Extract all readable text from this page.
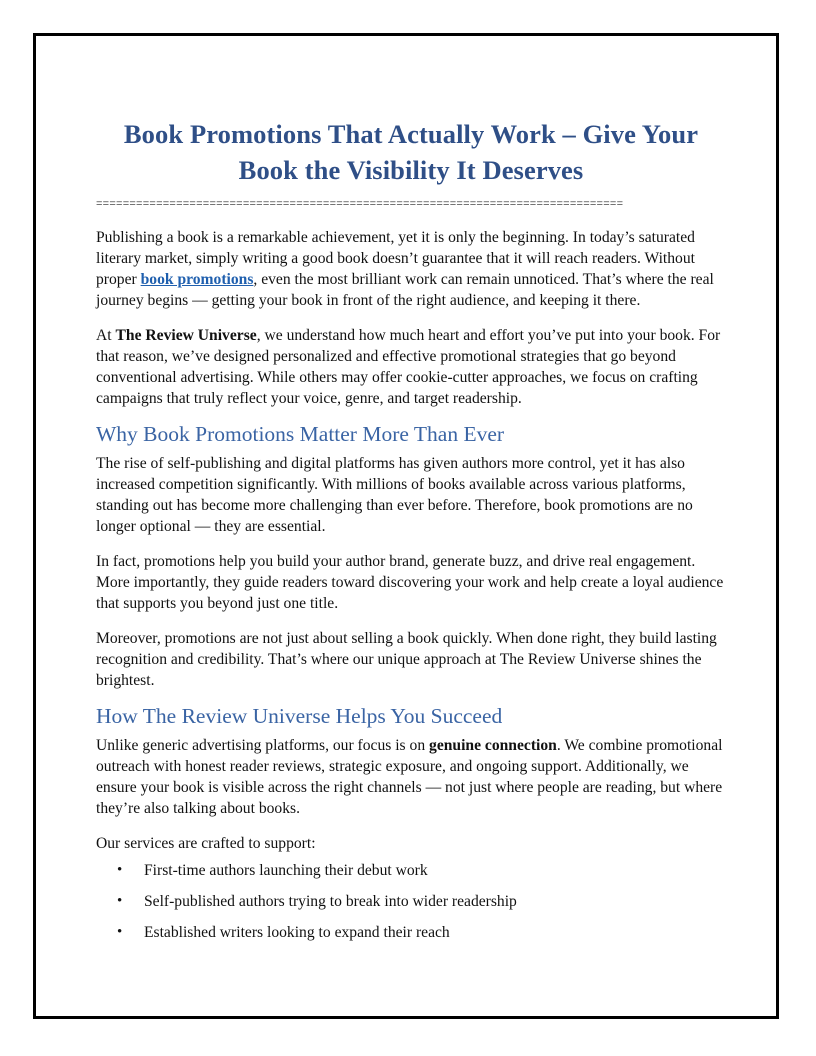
Book Promotions That Actually Work – Give Your Book the Visibility It Deserves
===============================================================================

Publishing a book is a remarkable achievement, yet it is only the beginning. In today’s saturated literary market, simply writing a good book doesn’t guarantee that it will reach readers. Without proper book promotions, even the most brilliant work can remain unnoticed. That’s where the real journey begins — getting your book in front of the right audience, and keeping it there.

At The Review Universe, we understand how much heart and effort you’ve put into your book. For that reason, we’ve designed personalized and effective promotional strategies that go beyond conventional advertising. While others may offer cookie-cutter approaches, we focus on crafting campaigns that truly reflect your voice, genre, and target readership.

Why Book Promotions Matter More Than Ever

The rise of self-publishing and digital platforms has given authors more control, yet it has also increased competition significantly. With millions of books available across various platforms, standing out has become more challenging than ever before. Therefore, book promotions are no longer optional — they are essential.

In fact, promotions help you build your author brand, generate buzz, and drive real engagement. More importantly, they guide readers toward discovering your work and help create a loyal audience that supports you beyond just one title.

Moreover, promotions are not just about selling a book quickly. When done right, they build lasting recognition and credibility. That’s where our unique approach at The Review Universe shines the brightest.

How The Review Universe Helps You Succeed

Unlike generic advertising platforms, our focus is on genuine connection. We combine promotional outreach with honest reader reviews, strategic exposure, and ongoing support. Additionally, we ensure your book is visible across the right channels — not just where people are reading, but where they’re also talking about books.

Our services are crafted to support:

• First-time authors launching their debut work
• Self-published authors trying to break into wider readership
• Established writers looking to expand their reach
